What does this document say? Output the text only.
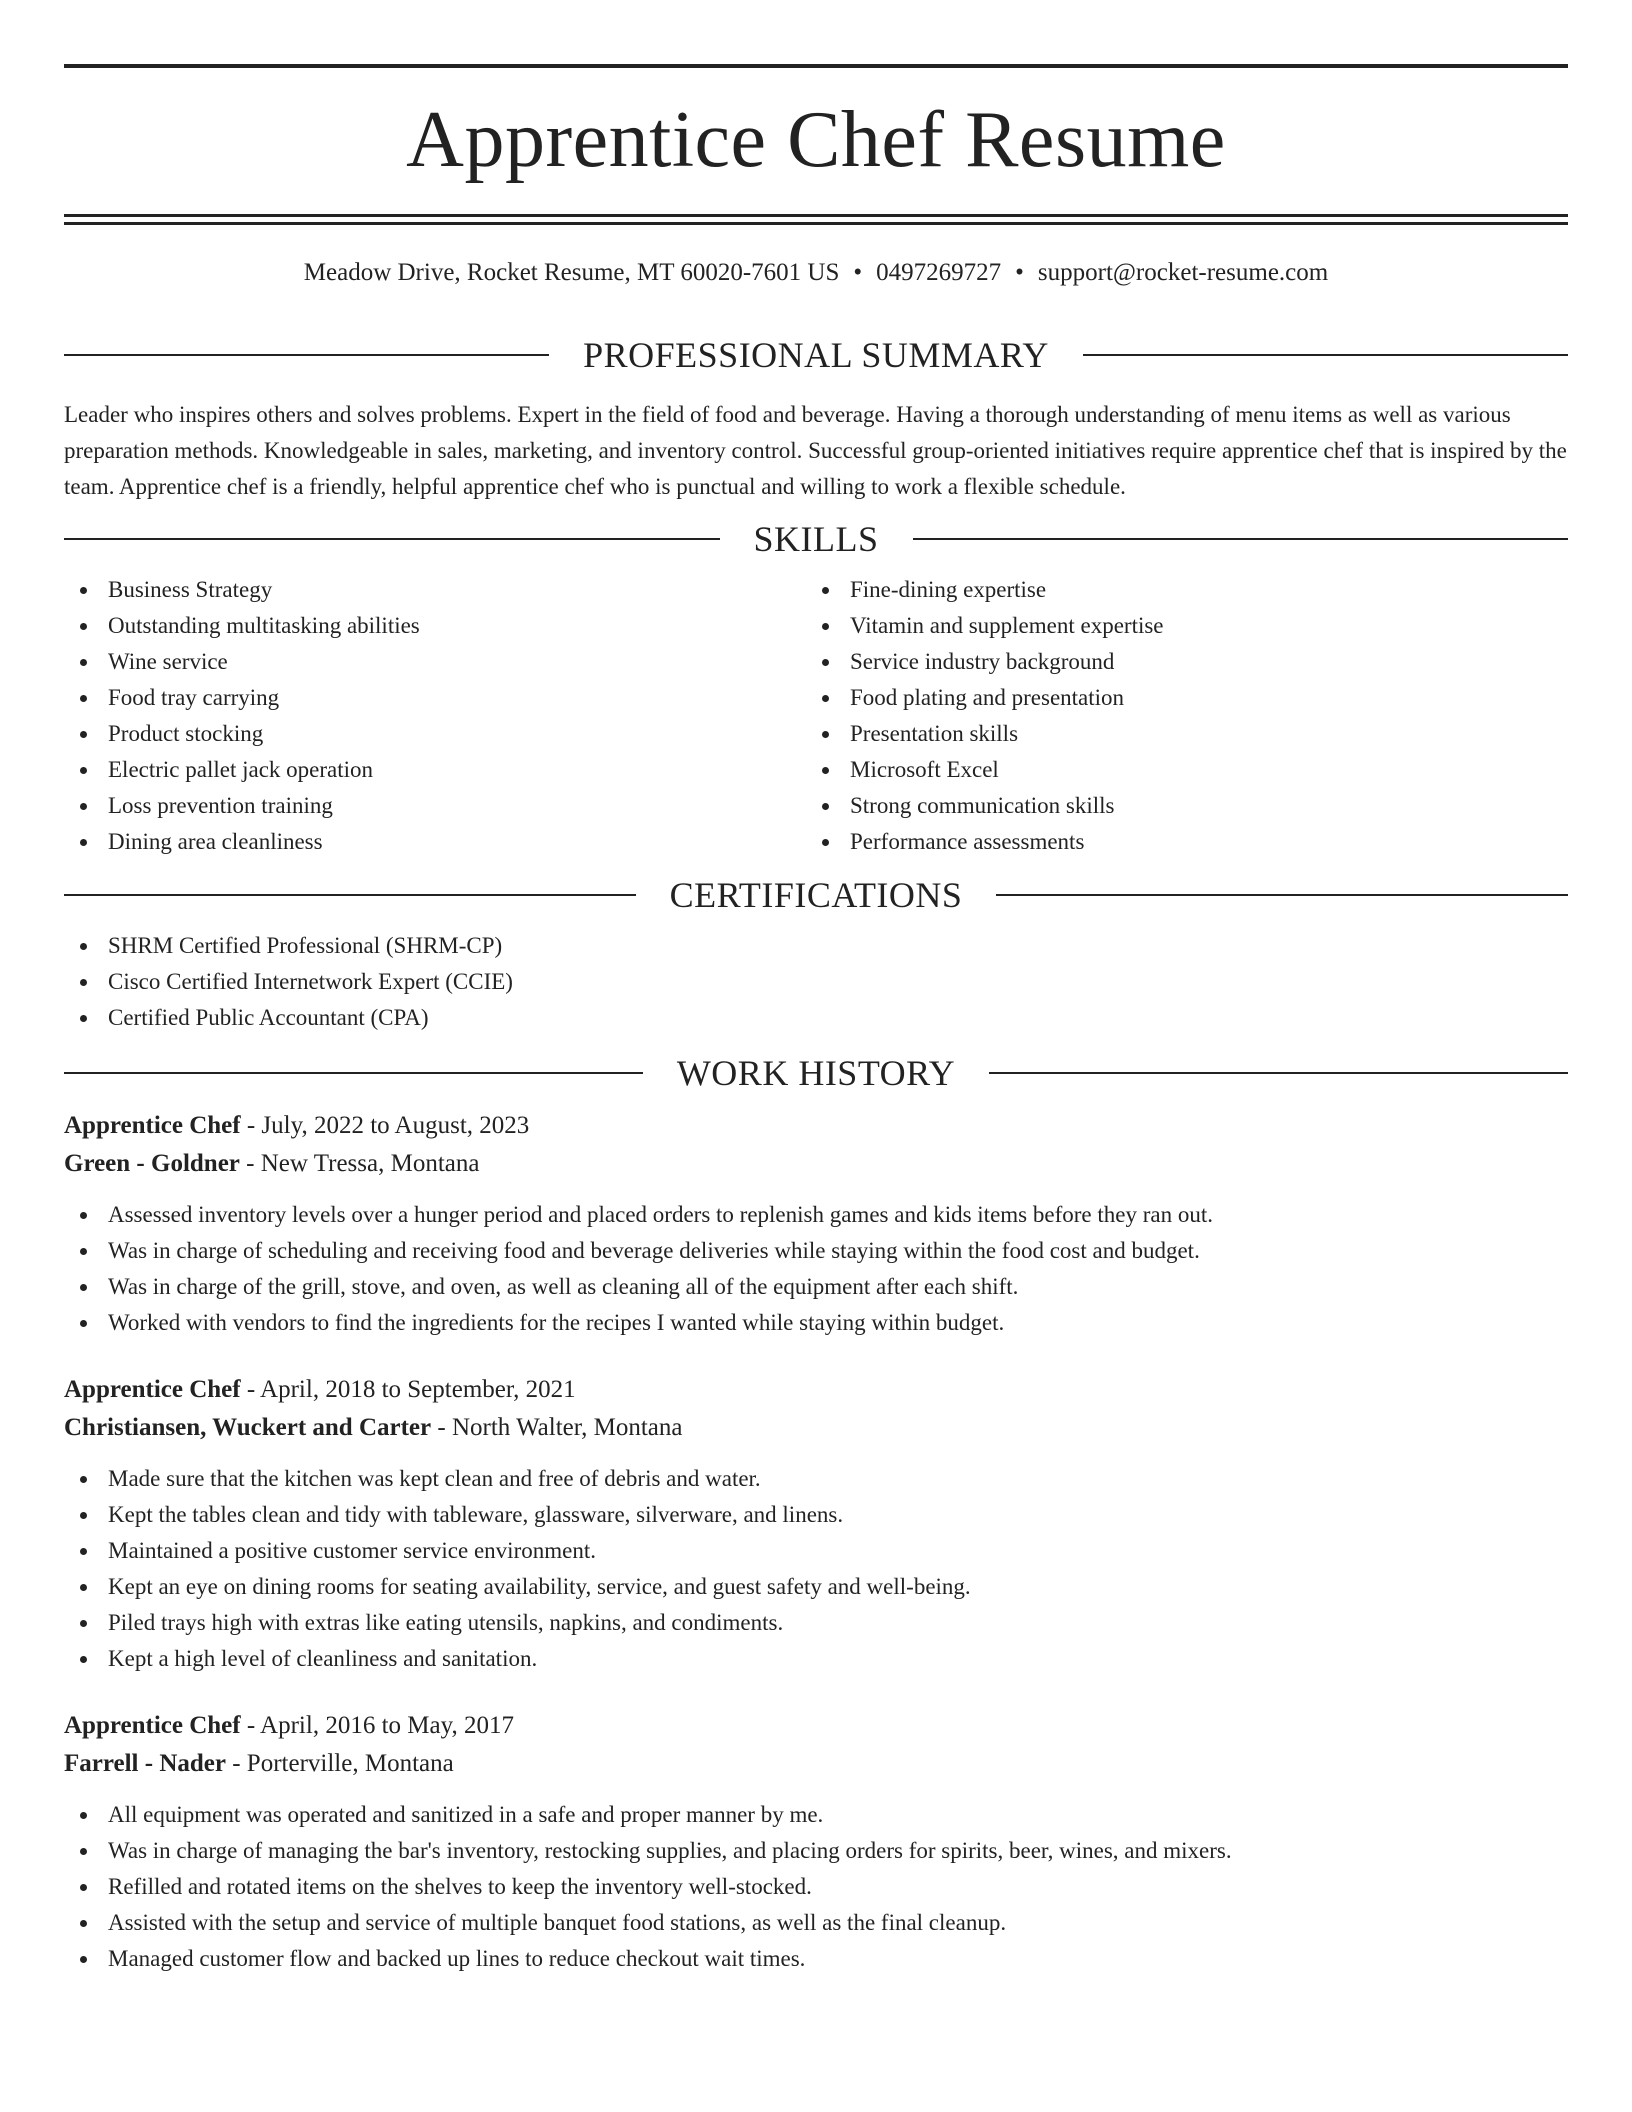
Apprentice Chef Resume
Meadow Drive, Rocket Resume, MT 60020-7601 US • 0497269727 • support@rocket-resume.com
PROFESSIONAL SUMMARY

Leader who inspires others and solves problems. Expert in the field of food and beverage. Having a thorough understanding of menu items as well as various preparation methods. Knowledgeable in sales, marketing, and inventory control. Successful group-oriented initiatives require apprentice chef that is inspired by the team. Apprentice chef is a friendly, helpful apprentice chef who is punctual and willing to work a flexible schedule.

SKILLS
Business Strategy
Outstanding multitasking abilities
Wine service
Food tray carrying
Product stocking
Electric pallet jack operation
Loss prevention training
Dining area cleanliness
Fine-dining expertise
Vitamin and supplement expertise
Service industry background
Food plating and presentation
Presentation skills
Microsoft Excel
Strong communication skills
Performance assessments
CERTIFICATIONS
SHRM Certified Professional (SHRM-CP)
Cisco Certified Internetwork Expert (CCIE)
Certified Public Accountant (CPA)
WORK HISTORY
Apprentice Chef - July, 2022 to August, 2023
Green - Goldner - New Tressa, Montana
Assessed inventory levels over a hunger period and placed orders to replenish games and kids items before they ran out.
Was in charge of scheduling and receiving food and beverage deliveries while staying within the food cost and budget.
Was in charge of the grill, stove, and oven, as well as cleaning all of the equipment after each shift.
Worked with vendors to find the ingredients for the recipes I wanted while staying within budget.
Apprentice Chef - April, 2018 to September, 2021
Christiansen, Wuckert and Carter - North Walter, Montana
Made sure that the kitchen was kept clean and free of debris and water.
Kept the tables clean and tidy with tableware, glassware, silverware, and linens.
Maintained a positive customer service environment.
Kept an eye on dining rooms for seating availability, service, and guest safety and well-being.
Piled trays high with extras like eating utensils, napkins, and condiments.
Kept a high level of cleanliness and sanitation.
Apprentice Chef - April, 2016 to May, 2017
Farrell - Nader - Porterville, Montana
All equipment was operated and sanitized in a safe and proper manner by me.
Was in charge of managing the bar's inventory, restocking supplies, and placing orders for spirits, beer, wines, and mixers.
Refilled and rotated items on the shelves to keep the inventory well-stocked.
Assisted with the setup and service of multiple banquet food stations, as well as the final cleanup.
Managed customer flow and backed up lines to reduce checkout wait times.
